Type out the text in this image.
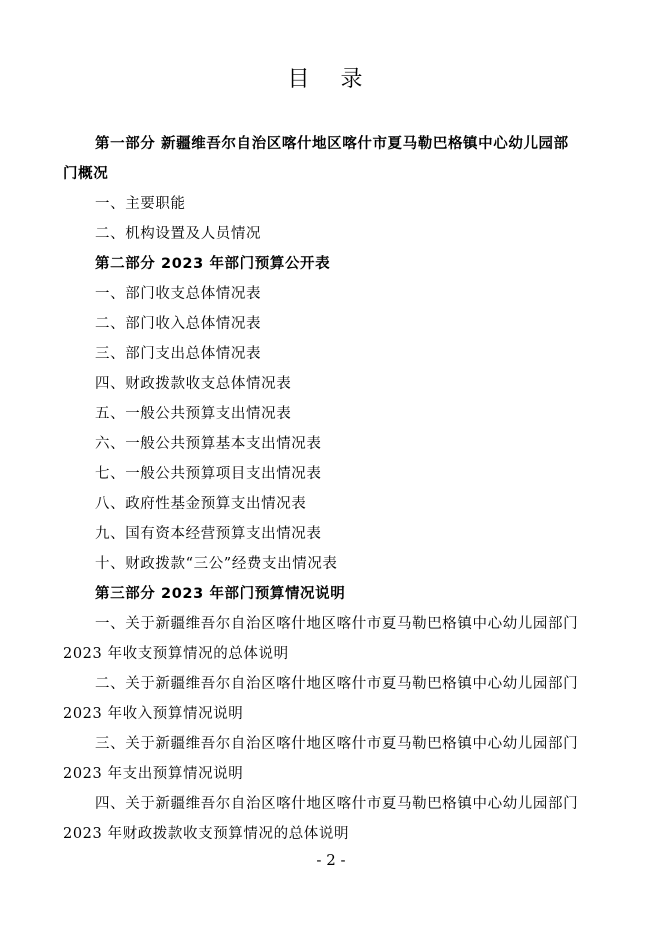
目 录
第一部分 新疆维吾尔自治区喀什地区喀什市夏马勒巴格镇中心幼儿园部
门概况
一、主要职能
二、机构设置及人员情况
第二部分 2023 年部门预算公开表
一、部门收支总体情况表
二、部门收入总体情况表
三、部门支出总体情况表
四、财政拨款收支总体情况表
五、一般公共预算支出情况表
六、一般公共预算基本支出情况表
七、一般公共预算项目支出情况表
八、政府性基金预算支出情况表
九、国有资本经营预算支出情况表
十、财政拨款“三公”经费支出情况表
第三部分 2023 年部门预算情况说明
一、关于新疆维吾尔自治区喀什地区喀什市夏马勒巴格镇中心幼儿园部门
2023 年收支预算情况的总体说明
二、关于新疆维吾尔自治区喀什地区喀什市夏马勒巴格镇中心幼儿园部门
2023 年收入预算情况说明
三、关于新疆维吾尔自治区喀什地区喀什市夏马勒巴格镇中心幼儿园部门
2023 年支出预算情况说明
四、关于新疆维吾尔自治区喀什地区喀什市夏马勒巴格镇中心幼儿园部门
2023 年财政拨款收支预算情况的总体说明
- 2 -
